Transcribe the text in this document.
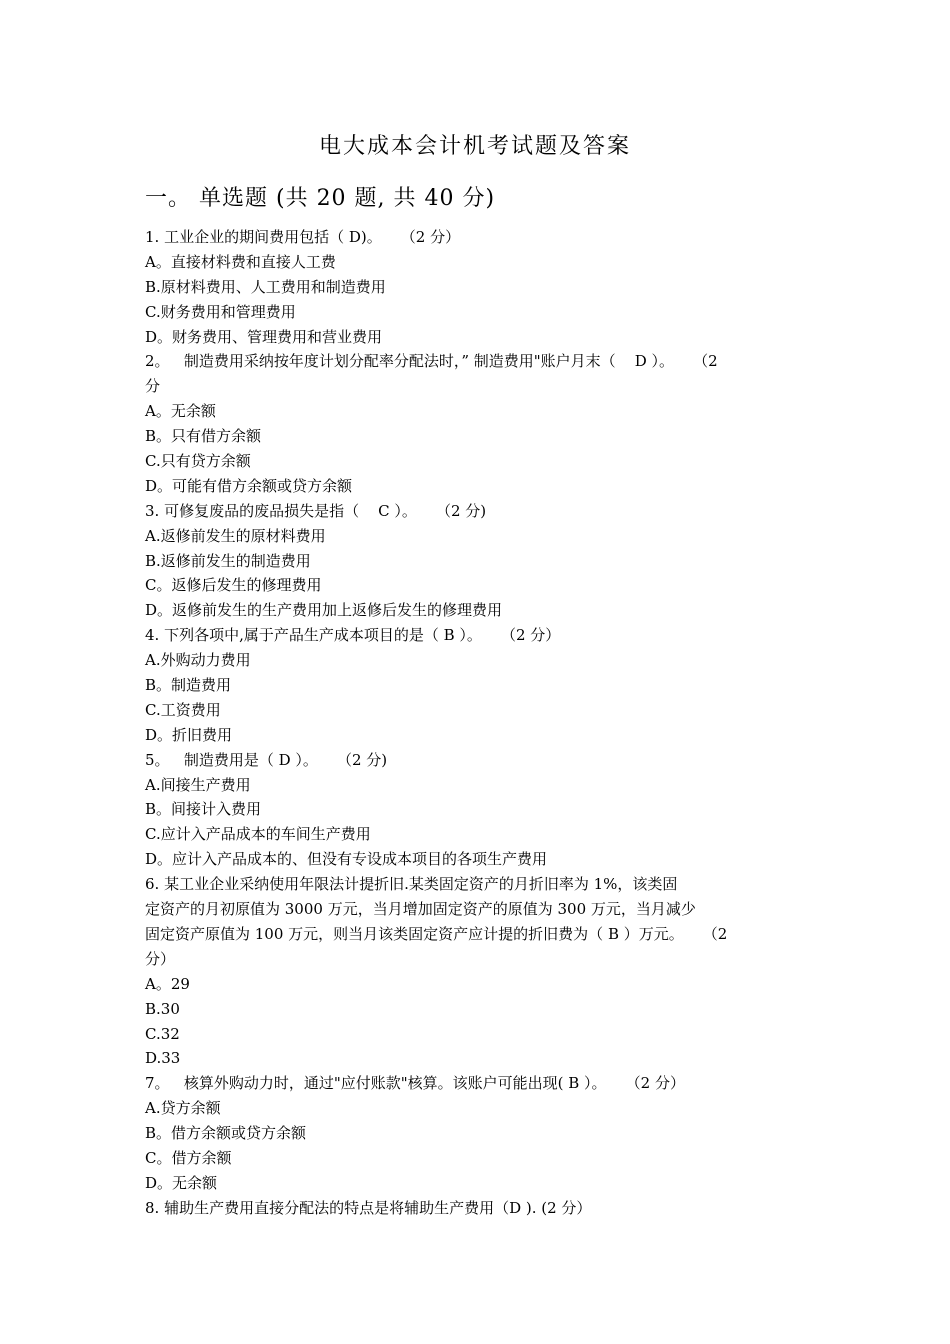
电大成本会计机考试题及答案
一。 单选题 (共 20 题, 共 40 分)
1. 工业企业的期间费用包括（ D)。    （2 分）
A。直接材料费和直接人工费
B.原材料费用、人工费用和制造费用
C.财务费用和管理费用
D。财务费用、管理费用和营业费用
2。   制造费用采纳按年度计划分配率分配法时，” 制造费用"账户月末（    D ）。    （2
分
A。无余额
B。只有借方余额
C.只有贷方余额
D。可能有借方余额或贷方余额
3. 可修复废品的废品损失是指（    C ）。    （2 分)
A.返修前发生的原材料费用
B.返修前发生的制造费用
C。返修后发生的修理费用
D。返修前发生的生产费用加上返修后发生的修理费用
4. 下列各项中,属于产品生产成本项目的是（ B ）。    （2 分）
A.外购动力费用
B。制造费用
C.工资费用
D。折旧费用
5。   制造费用是（ D ）。    （2 分)
A.间接生产费用
B。间接计入费用
C.应计入产品成本的车间生产费用
D。应计入产品成本的、但没有专设成本项目的各项生产费用
6. 某工业企业采纳使用年限法计提折旧.某类固定资产的月折旧率为 1%，该类固
定资产的月初原值为 3000 万元，当月增加固定资产的原值为 300 万元，当月减少
固定资产原值为 100 万元，则当月该类固定资产应计提的折旧费为（ B ）万元。    （2
分）
A。29
B.30
C.32
D.33
7。   核算外购动力时，通过"应付账款"核算。该账户可能出现( B ）。    （2 分）
A.贷方余额
B。借方余额或贷方余额
C。借方余额
D。无余额
8. 辅助生产费用直接分配法的特点是将辅助生产费用（D ). (2 分）
